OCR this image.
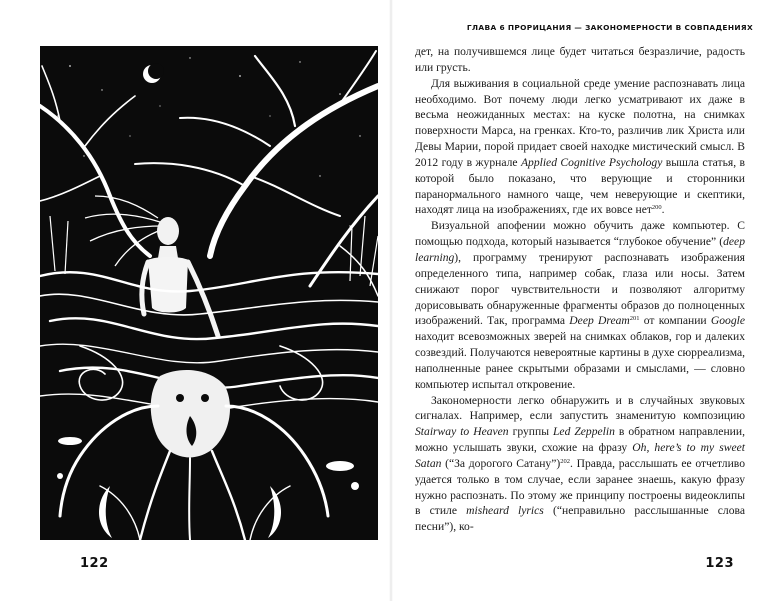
122
ГЛАВА 6 ПРОРИЦАНИЯ — ЗАКОНОМЕРНОСТИ В СОВПАДЕНИЯХ

дет, на получившемся лице будет читаться безразличие, радость или грусть.

Для выживания в социальной среде умение распознавать лица необходимо. Вот почему люди легко усматривают их даже в весьма неожиданных местах: на куске полотна, на снимках поверхности Марса, на гренках. Кто-то, различив лик Христа или Девы Марии, порой придает своей находке мистический смысл. В 2012 году в журнале Applied Cognitive Psychology вышла статья, в которой было показано, что верующие и сторонники паранормального намного чаще, чем неверующие и скептики, находят лица на изображениях, где их вовсе нет$^{200}$.

Визуальной апофении можно обучить даже компьютер. С помощью подхода, который называется “глубокое обучение” (deep learning), программу тренируют распознавать изображения определенного типа, например собак, глаза или носы. Затем снижают порог чувствительности и позволяют алгоритму дорисовывать обнаруженные фрагменты образов до полноценных изображений. Так, программа Deep Dream$^{201}$ от компании Google находит всевозможных зверей на снимках облаков, гор и далеких созвездий. Получаются невероятные картины в духе сюрреализма, наполненные ранее скрытыми образами и смыслами, — словно компьютер испытал откровение.

Закономерности легко обнаружить и в случайных звуковых сигналах. Например, если запустить знаменитую композицию Stairway to Heaven группы Led Zeppelin в обратном направлении, можно услышать звуки, схожие на фразу Oh, here’s to my sweet Satan (“За дорогого Сатану”)$^{202}$. Правда, расслышать ее отчетливо удается только в том случае, если заранее знаешь, какую фразу нужно распознать. По этому же принципу построены видеоклипы в стиле misheard lyrics (“неправильно расслышанные слова песни”), ко-

123
